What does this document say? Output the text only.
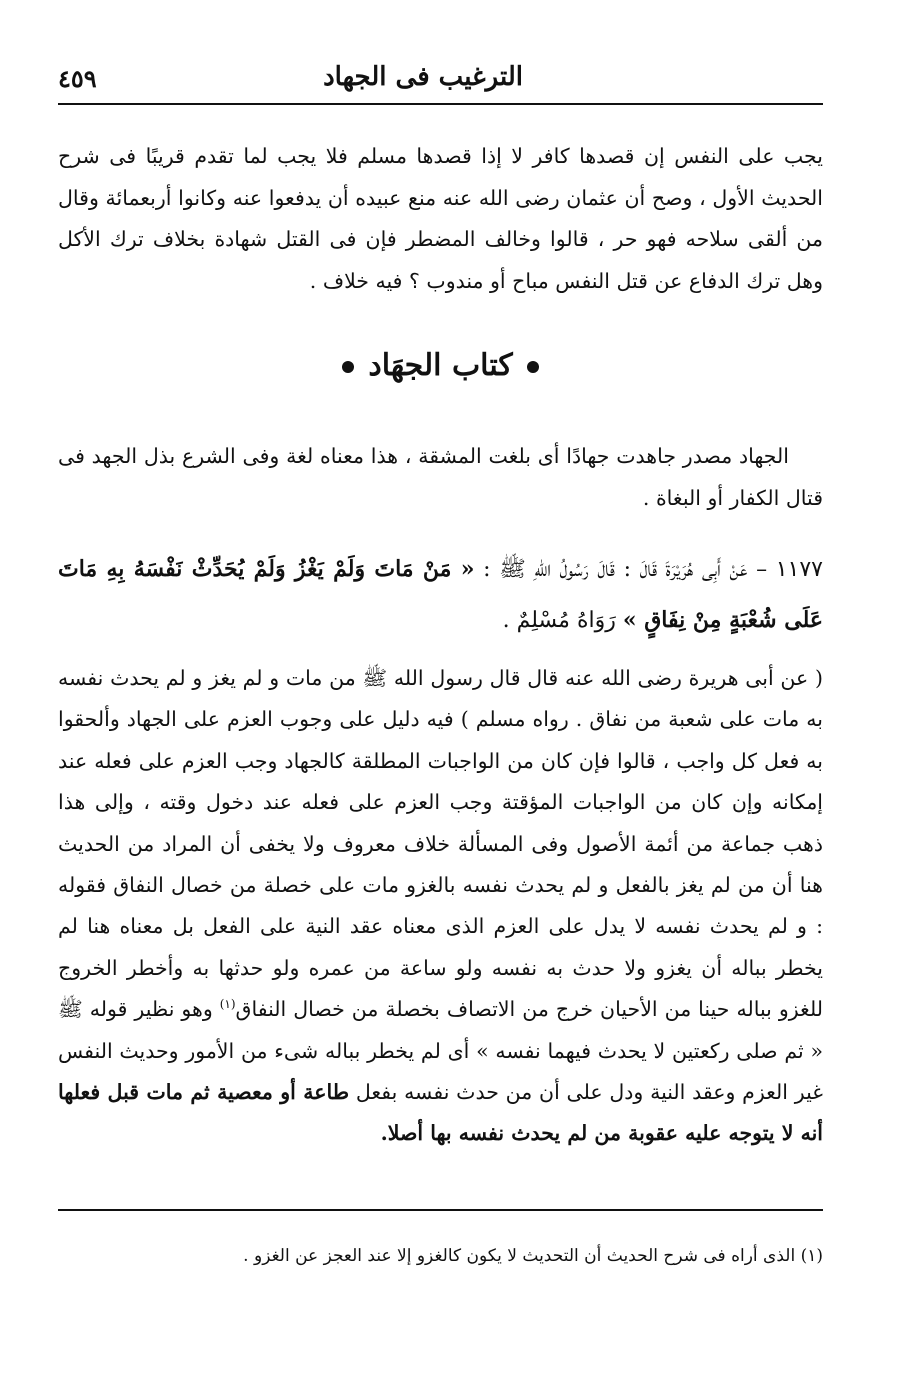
الترغيب فى الجهاد
٤٥٩

يجب على النفس إن قصدها كافر لا إذا قصدها مسلم فلا يجب لما تقدم قريبًا فى شرح الحديث الأول ، وصح أن عثمان رضى الله عنه منع عبيده أن يدفعوا عنه وكانوا أربعمائة وقال من ألقى سلاحه فهو حر ، قالوا وخالف المضطر فإن فى القتل شهادة بخلاف ترك الأكل وهل ترك الدفاع عن قتل النفس مباح أو مندوب ؟ فيه خلاف .

كتاب الجهَاد

الجهاد مصدر جاهدت جهادًا أى بلغت المشقة ، هذا معناه لغة وفى الشرع بذل الجهد فى قتال الكفار أو البغاة .

١١٧٧ – عَنْ أَبِى هُرَيْرَةَ قَالَ : قَالَ رَسُولُ اللهِ ﷺ : « مَنْ مَاتَ وَلَمْ يَغْزُ وَلَمْ يُحَدِّثْ نَفْسَهُ بِهِ مَاتَ عَلَى شُعْبَةٍ مِنْ نِفَاقٍ » رَوَاهُ مُسْلِمٌ .

( عن أبى هريرة رضى الله عنه قال قال رسول الله ﷺ من مات و لم يغز و لم يحدث نفسه به مات على شعبة من نفاق . رواه مسلم ) فيه دليل على وجوب العزم على الجهاد وألحقوا به فعل كل واجب ، قالوا فإن كان من الواجبات المطلقة كالجهاد وجب العزم على فعله عند إمكانه وإن كان من الواجبات المؤقتة وجب العزم على فعله عند دخول وقته ، وإلى هذا ذهب جماعة من أئمة الأصول وفى المسألة خلاف معروف ولا يخفى أن المراد من الحديث هنا أن من لم يغز بالفعل و لم يحدث نفسه بالغزو مات على خصلة من خصال النفاق فقوله : و لم يحدث نفسه لا يدل على العزم الذى معناه عقد النية على الفعل بل معناه هنا لم يخطر بباله أن يغزو ولا حدث به نفسه ولو ساعة من عمره ولو حدثها به وأخطر الخروج للغزو بباله حينا من الأحيان خرج من الاتصاف بخصلة من خصال النفاق$^{(١)}$ وهو نظير قوله ﷺ « ثم صلى ركعتين لا يحدث فيهما نفسه » أى لم يخطر بباله شىء من الأمور وحديث النفس غير العزم وعقد النية ودل على أن من حدث نفسه بفعل طاعة أو معصية ثم مات قبل فعلها أنه لا يتوجه عليه عقوبة من لم يحدث نفسه بها أصلا.

(١) الذى أراه فى شرح الحديث أن التحديث لا يكون كالغزو إلا عند العجز عن الغزو .
